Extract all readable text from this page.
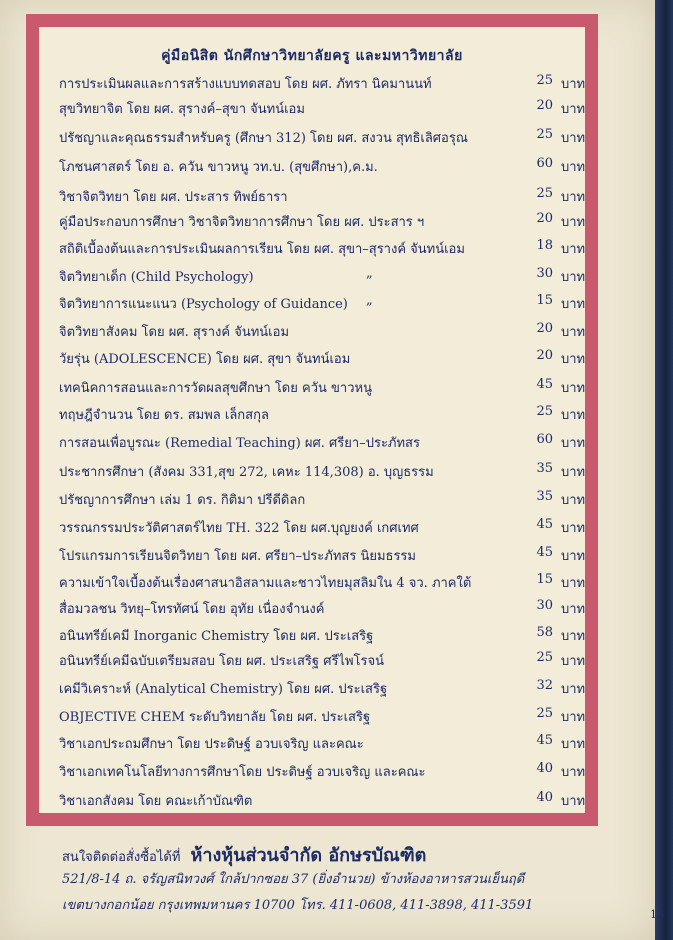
คู่มือนิสิต นักศึกษาวิทยาลัยครู และมหาวิทยาลัย
การประเมินผลและการสร้างแบบทดสอบ โดย ผศ. ภัทรา นิคมานนท์	25 บาท
สุขวิทยาจิต โดย ผศ. สุรางค์–สุขา จันทน์เอม	20 บาท
ปรัชญาและคุณธรรมสำหรับครู (ศึกษา 312) โดย ผศ. สงวน สุทธิเลิศอรุณ	25 บาท
โภชนศาสตร์ โดย อ. ควัน ขาวหนู วท.บ. (สุขศึกษา),ค.ม.	60 บาท
วิชาจิตวิทยา โดย ผศ. ประสาร ทิพย์ธารา	25 บาท
คู่มือประกอบการศึกษา วิชาจิตวิทยาการศึกษา โดย ผศ. ประสาร ฯ	20 บาท
สถิติเบื้องต้นและการประเมินผลการเรียน โดย ผศ. สุขา–สุรางค์ จันทน์เอม	18 บาท
จิตวิทยาเด็ก (Child Psychology)	„	30 บาท
จิตวิทยาการแนะแนว (Psychology of Guidance) „	15 บาท
จิตวิทยาสังคม โดย ผศ. สุรางค์ จันทน์เอม	20 บาท
วัยรุ่น (ADOLESCENCE) โดย ผศ. สุขา จันทน์เอม	20 บาท
เทคนิคการสอนและการวัดผลสุขศึกษา โดย ควัน ขาวหนู	45 บาท
ทฤษฎีจำนวน โดย ดร. สมพล เล็กสกุล	25 บาท
การสอนเพื่อบูรณะ (Remedial Teaching) ผศ. ศรียา–ประภัทสร	60 บาท
ประชากรศึกษา (สังคม 331,สุข 272, เคหะ 114,308) อ. บุญธรรม	35 บาท
ปรัชญาการศึกษา เล่ม 1 ดร. กิติมา ปรีดีดิลก	35 บาท
วรรณกรรมประวัติศาสตร์ไทย TH. 322 โดย ผศ.บุญยงค์ เกศเทศ	45 บาท
โปรแกรมการเรียนจิตวิทยา โดย ผศ. ศรียา–ประภัทสร นิยมธรรม	45 บาท
ความเข้าใจเบื้องต้นเรื่องศาสนาอิสลามและชาวไทยมุสลิมใน 4 จว. ภาคใต้	15 บาท
สื่อมวลชน วิทยุ–โทรทัศน์ โดย อุทัย เนื่องจำนงค์	30 บาท
อนินทรีย์เคมี Inorganic Chemistry โดย ผศ. ประเสริฐ	58 บาท
อนินทรีย์เคมีฉบับเตรียมสอบ โดย ผศ. ประเสริฐ ศรีไพโรจน์	25 บาท
เคมีวิเคราะห์ (Analytical Chemistry) โดย ผศ. ประเสริฐ	32 บาท
OBJECTIVE CHEM ระดับวิทยาลัย โดย ผศ. ประเสริฐ	25 บาท
วิชาเอกประถมศึกษา โดย ประดิษฐ์ อวบเจริญ และคณะ	45 บาท
วิชาเอกเทคโนโลยีทางการศึกษาโดย ประดิษฐ์ อวบเจริญ และคณะ	40 บาท
วิชาเอกสังคม โดย คณะเก้าบัณฑิต	40 บาท
สนใจติดต่อสั่งซื้อได้ที่ ห้างหุ้นส่วนจำกัด อักษรบัณฑิต
521/8-14 ถ. จรัญสนิทวงศ์ ใกล้ปากซอย 37 (ยิ่งอำนวย) ข้างห้องอาหารสวนเย็นฤดี
เขตบางกอกน้อย กรุงเทพมหานคร 10700 โทร. 411-0608, 411-3898, 411-3591
13
